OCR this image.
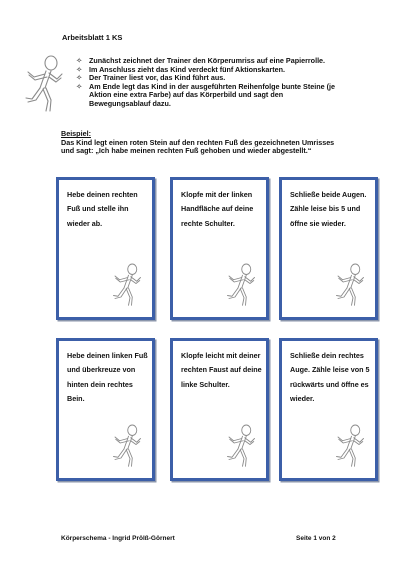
Arbeitsblatt 1 KS
✧ Zunächst zeichnet der Trainer den Körperumriss auf eine Papierrolle.
✧ Im Anschluss zieht das Kind verdeckt fünf Aktionskarten.
✧ Der Trainer liest vor, das Kind führt aus.
✧ Am Ende legt das Kind in der ausgeführten Reihenfolge bunte Steine (je Aktion eine extra Farbe) auf das Körperbild und sagt den Bewegungsablauf dazu.
Beispiel:
Das Kind legt einen roten Stein auf den rechten Fuß des gezeichneten Umrisses und sagt: „Ich habe meinen rechten Fuß gehoben und wieder abgestellt.“
Hebe deinen rechten Fuß und stelle ihn wieder ab.
Klopfe mit der linken Handfläche auf deine rechte Schulter.
Schließe beide Augen. Zähle leise bis 5 und öffne sie wieder.
Hebe deinen linken Fuß und überkreuze von hinten dein rechtes Bein.
Klopfe leicht mit deiner rechten Faust auf deine linke Schulter.
Schließe dein rechtes Auge. Zähle leise von 5 rückwärts und öffne es wieder.
Körperschema - Ingrid Prölß-Görnert	Seite 1 von 2
